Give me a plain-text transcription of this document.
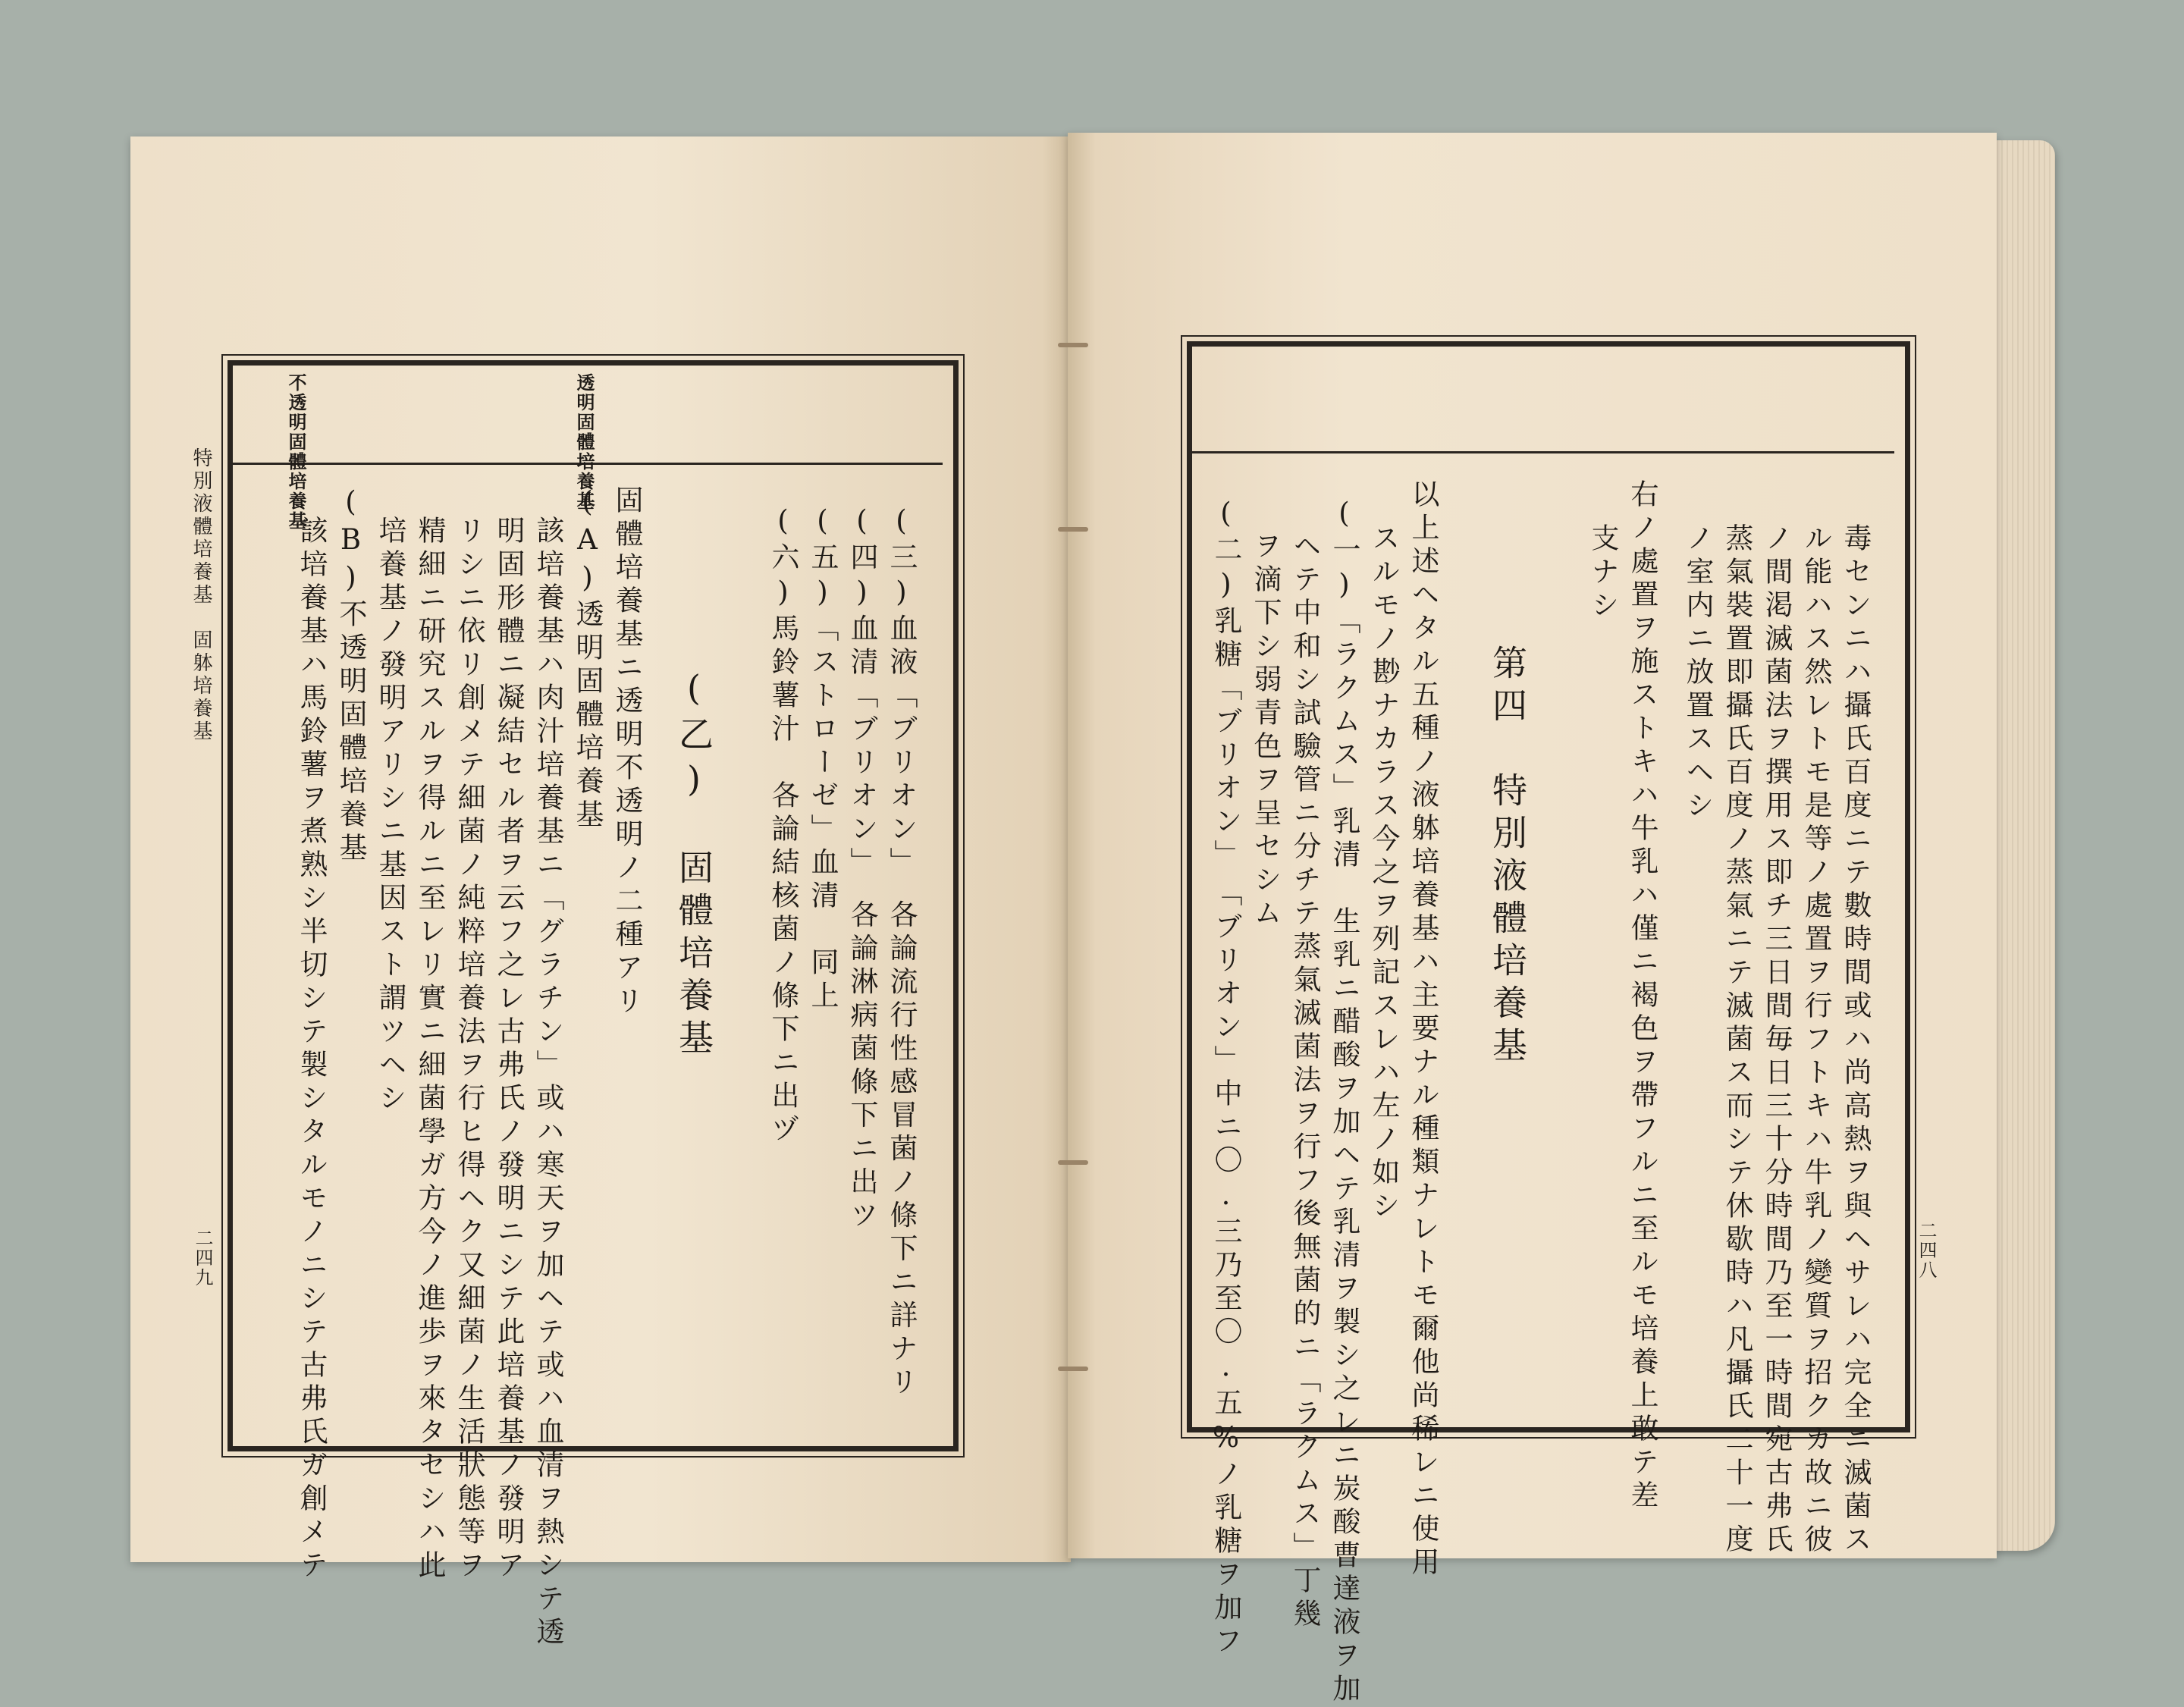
二四八
毒センニハ攝氏百度ニテ數時間或ハ尚高熱ヲ與ヘサレハ完全ニ滅菌ス
ル能ハス然レトモ是等ノ處置ヲ行フトキハ牛乳ノ變質ヲ招クカ故ニ彼
ノ間渇滅菌法ヲ撰用ス即チ三日間毎日三十分時間乃至一時間宛古弗氏
蒸氣裝置即攝氏百度ノ蒸氣ニテ滅菌ス而シテ休歇時ハ凡攝氏二十一度
ノ室内ニ放置スヘシ
右ノ處置ヲ施ストキハ牛乳ハ僅ニ褐色ヲ帶フルニ至ルモ培養上敢テ差
支ナシ
第四　特別液體培養基
以上述ヘタル五種ノ液躰培養基ハ主要ナル種類ナレトモ爾他尚稀レニ使用
スルモノ尠ナカラス今之ヲ列記スレハ左ノ如シ
(一)「ラクムス」乳清　生乳ニ醋酸ヲ加ヘテ乳清ヲ製シ之レニ炭酸曹達液ヲ加
ヘテ中和シ試驗管ニ分チテ蒸氣滅菌法ヲ行フ後無菌的ニ「ラクムス」丁幾
ヲ滴下シ弱青色ヲ呈セシム
(二)乳糖「ブリオン」　「ブリオン」中ニ〇.三乃至〇.五%ノ乳糖ヲ加フ
透明固體培養基
不透明固體培養基
特別液體培養基　固躰培養基
二四九	(三)血液「ブリオン」　各論流行性感冒菌ノ條下ニ詳ナリ
(四)血清「ブリオン」　各論淋病菌條下ニ出ツ
(五)「ストローゼ」血清　同上
(六)馬鈴薯汁　各論結核菌ノ條下ニ出ヅ
(乙)　固體培養基
固體培養基ニ透明不透明ノ二種アリ
(A)透明固體培養基
該培養基ハ肉汁培養基ニ「グラチン」或ハ寒天ヲ加ヘテ或ハ血清ヲ熱シテ透
明固形體ニ凝結セル者ヲ云フ之レ古弗氏ノ發明ニシテ此培養基ノ發明ア
リシニ依リ創メテ細菌ノ純粹培養法ヲ行ヒ得ヘク又細菌ノ生活狀態等ヲ
精細ニ研究スルヲ得ルニ至レリ實ニ細菌學ガ方今ノ進歩ヲ來タセシハ此
培養基ノ發明アリシニ基因スト謂ツヘシ
(B)不透明固體培養基
該培養基ハ馬鈴薯ヲ煮熟シ半切シテ製シタルモノニシテ古弗氏ガ創メテ
